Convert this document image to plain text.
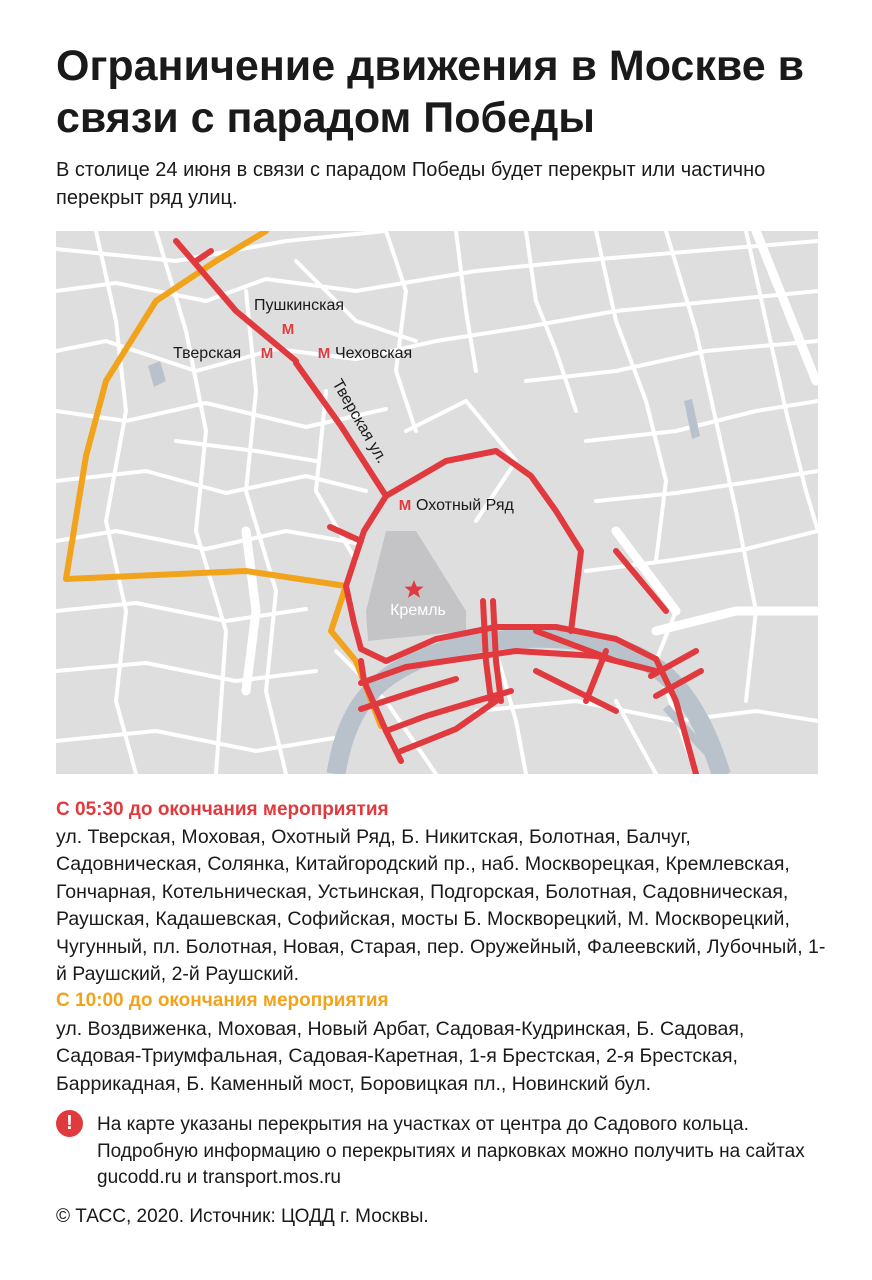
Ограничение движения в Москве в связи с парадом Победы
В столице 24 июня в связи с парадом Победы будет перекрыт или частично перекрыт ряд улиц.
М
М	М
М
Пушкинская
Тверская	Чеховская
Охотный Ряд
Тверская ул.
Кремль
С 05:30 до окончания мероприятия
ул. Тверская, Моховая, Охотный Ряд, Б. Никитская, Болотная, Балчуг, Садовническая, Солянка, Китайгородский пр., наб. Москворецкая, Кремлевская, Гончарная, Котельническая, Устьинская, Подгорская, Болотная, Садовническая, Раушская, Кадашевская, Софийская, мосты Б. Москворецкий, М. Москворецкий, Чугунный, пл. Болотная, Новая, Старая, пер. Оружейный, Фалеевский, Лубочный, 1-й Раушский, 2-й Раушский.
С 10:00 до окончания мероприятия
ул. Воздвиженка, Моховая, Новый Арбат, Садовая-Кудринская, Б. Садовая, Садовая-Триумфальная, Садовая-Каретная, 1-я Брестская, 2-я Брестская, Баррикадная, Б. Каменный мост, Боровицкая пл., Новинский бул.
!	На карте указаны перекрытия на участках от центра до Садового кольца. Подробную информацию о перекрытиях и парковках можно получить на сайтах gucodd.ru и transport.mos.ru
© ТАСС, 2020. Источник: ЦОДД г. Москвы.
